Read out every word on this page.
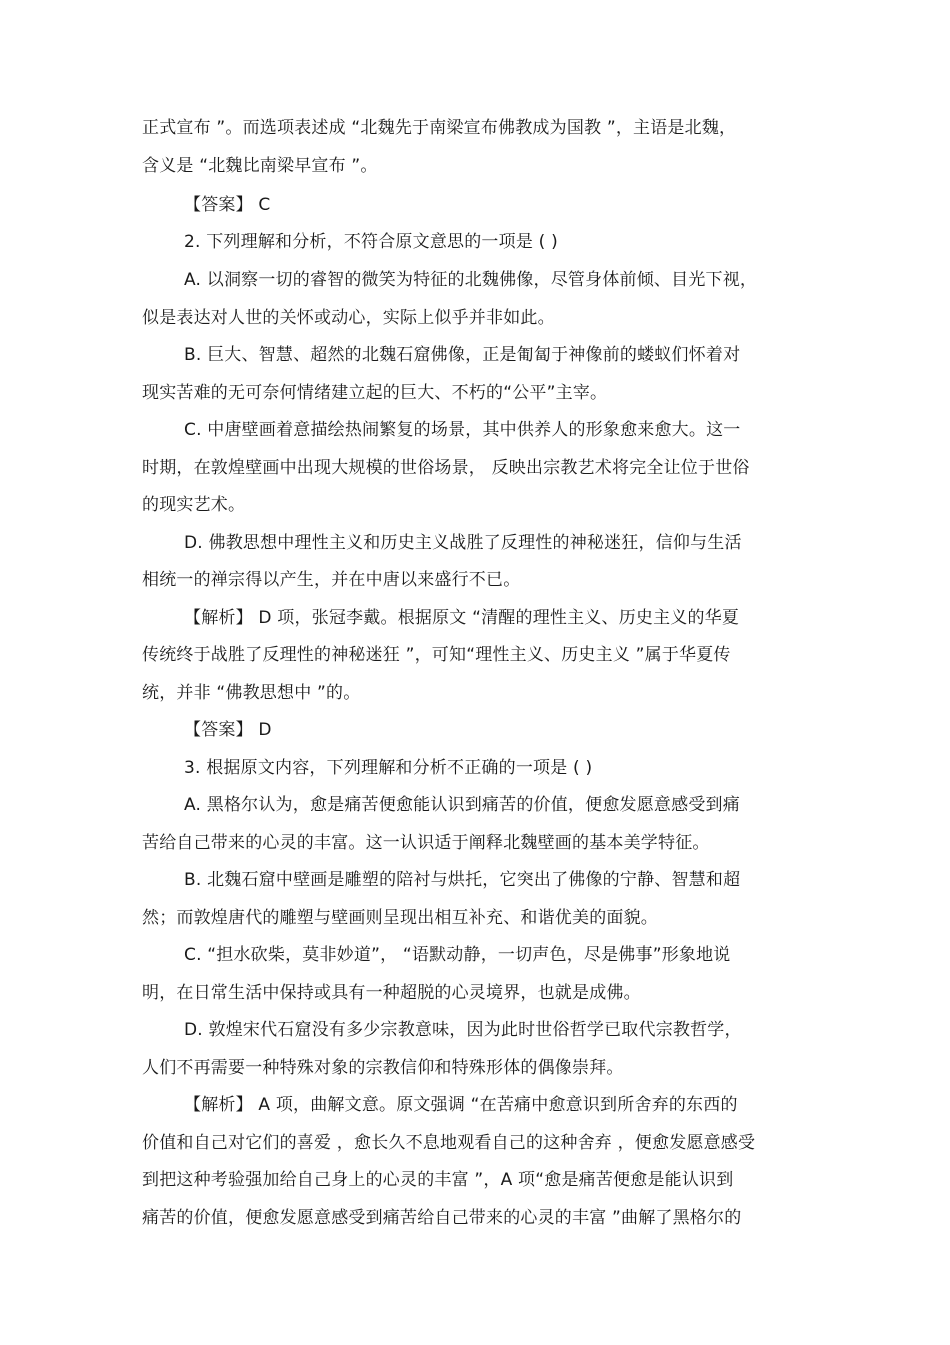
正式宣布 ”。而选项表述成 “北魏先于南梁宣布佛教成为国教 ”，主语是北魏，
含义是 “北魏比南梁早宣布 ”。
【答案】 C
2. 下列理解和分析，不符合原文意思的一项是 ( )
A. 以洞察一切的睿智的微笑为特征的北魏佛像，尽管身体前倾、目光下视，
似是表达对人世的关怀或动心，实际上似乎并非如此。
B. 巨大、智慧、超然的北魏石窟佛像，正是匍匐于神像前的蝼蚁们怀着对
现实苦难的无可奈何情绪建立起的巨大、不朽的“公平”主宰。
C. 中唐壁画着意描绘热闹繁复的场景，其中供养人的形象愈来愈大。这一
时期，在敦煌壁画中出现大规模的世俗场景， 反映出宗教艺术将完全让位于世俗
的现实艺术。
D. 佛教思想中理性主义和历史主义战胜了反理性的神秘迷狂，信仰与生活
相统一的禅宗得以产生，并在中唐以来盛行不已。
【解析】 D 项，张冠李戴。根据原文 “清醒的理性主义、历史主义的华夏
传统终于战胜了反理性的神秘迷狂 ”，可知“理性主义、历史主义 ”属于华夏传
统，并非 “佛教思想中 ”的。
【答案】 D
3. 根据原文内容，下列理解和分析不正确的一项是 ( )
A. 黑格尔认为，愈是痛苦便愈能认识到痛苦的价值，便愈发愿意感受到痛
苦给自己带来的心灵的丰富。这一认识适于阐释北魏壁画的基本美学特征。
B. 北魏石窟中壁画是雕塑的陪衬与烘托，它突出了佛像的宁静、智慧和超
然；而敦煌唐代的雕塑与壁画则呈现出相互补充、和谐优美的面貌。
C. “担水砍柴，莫非妙道”， “语默动静，一切声色，尽是佛事”形象地说
明，在日常生活中保持或具有一种超脱的心灵境界，也就是成佛。
D. 敦煌宋代石窟没有多少宗教意味，因为此时世俗哲学已取代宗教哲学，
人们不再需要一种特殊对象的宗教信仰和特殊形体的偶像崇拜。
【解析】 A 项，曲解文意。原文强调 “在苦痛中愈意识到所舍弃的东西的
价值和自己对它们的喜爱 ，愈长久不息地观看自己的这种舍弃 ，便愈发愿意感受
到把这种考验强加给自己身上的心灵的丰富 ”，A 项“愈是痛苦便愈是能认识到
痛苦的价值，便愈发愿意感受到痛苦给自己带来的心灵的丰富 ”曲解了黑格尔的
